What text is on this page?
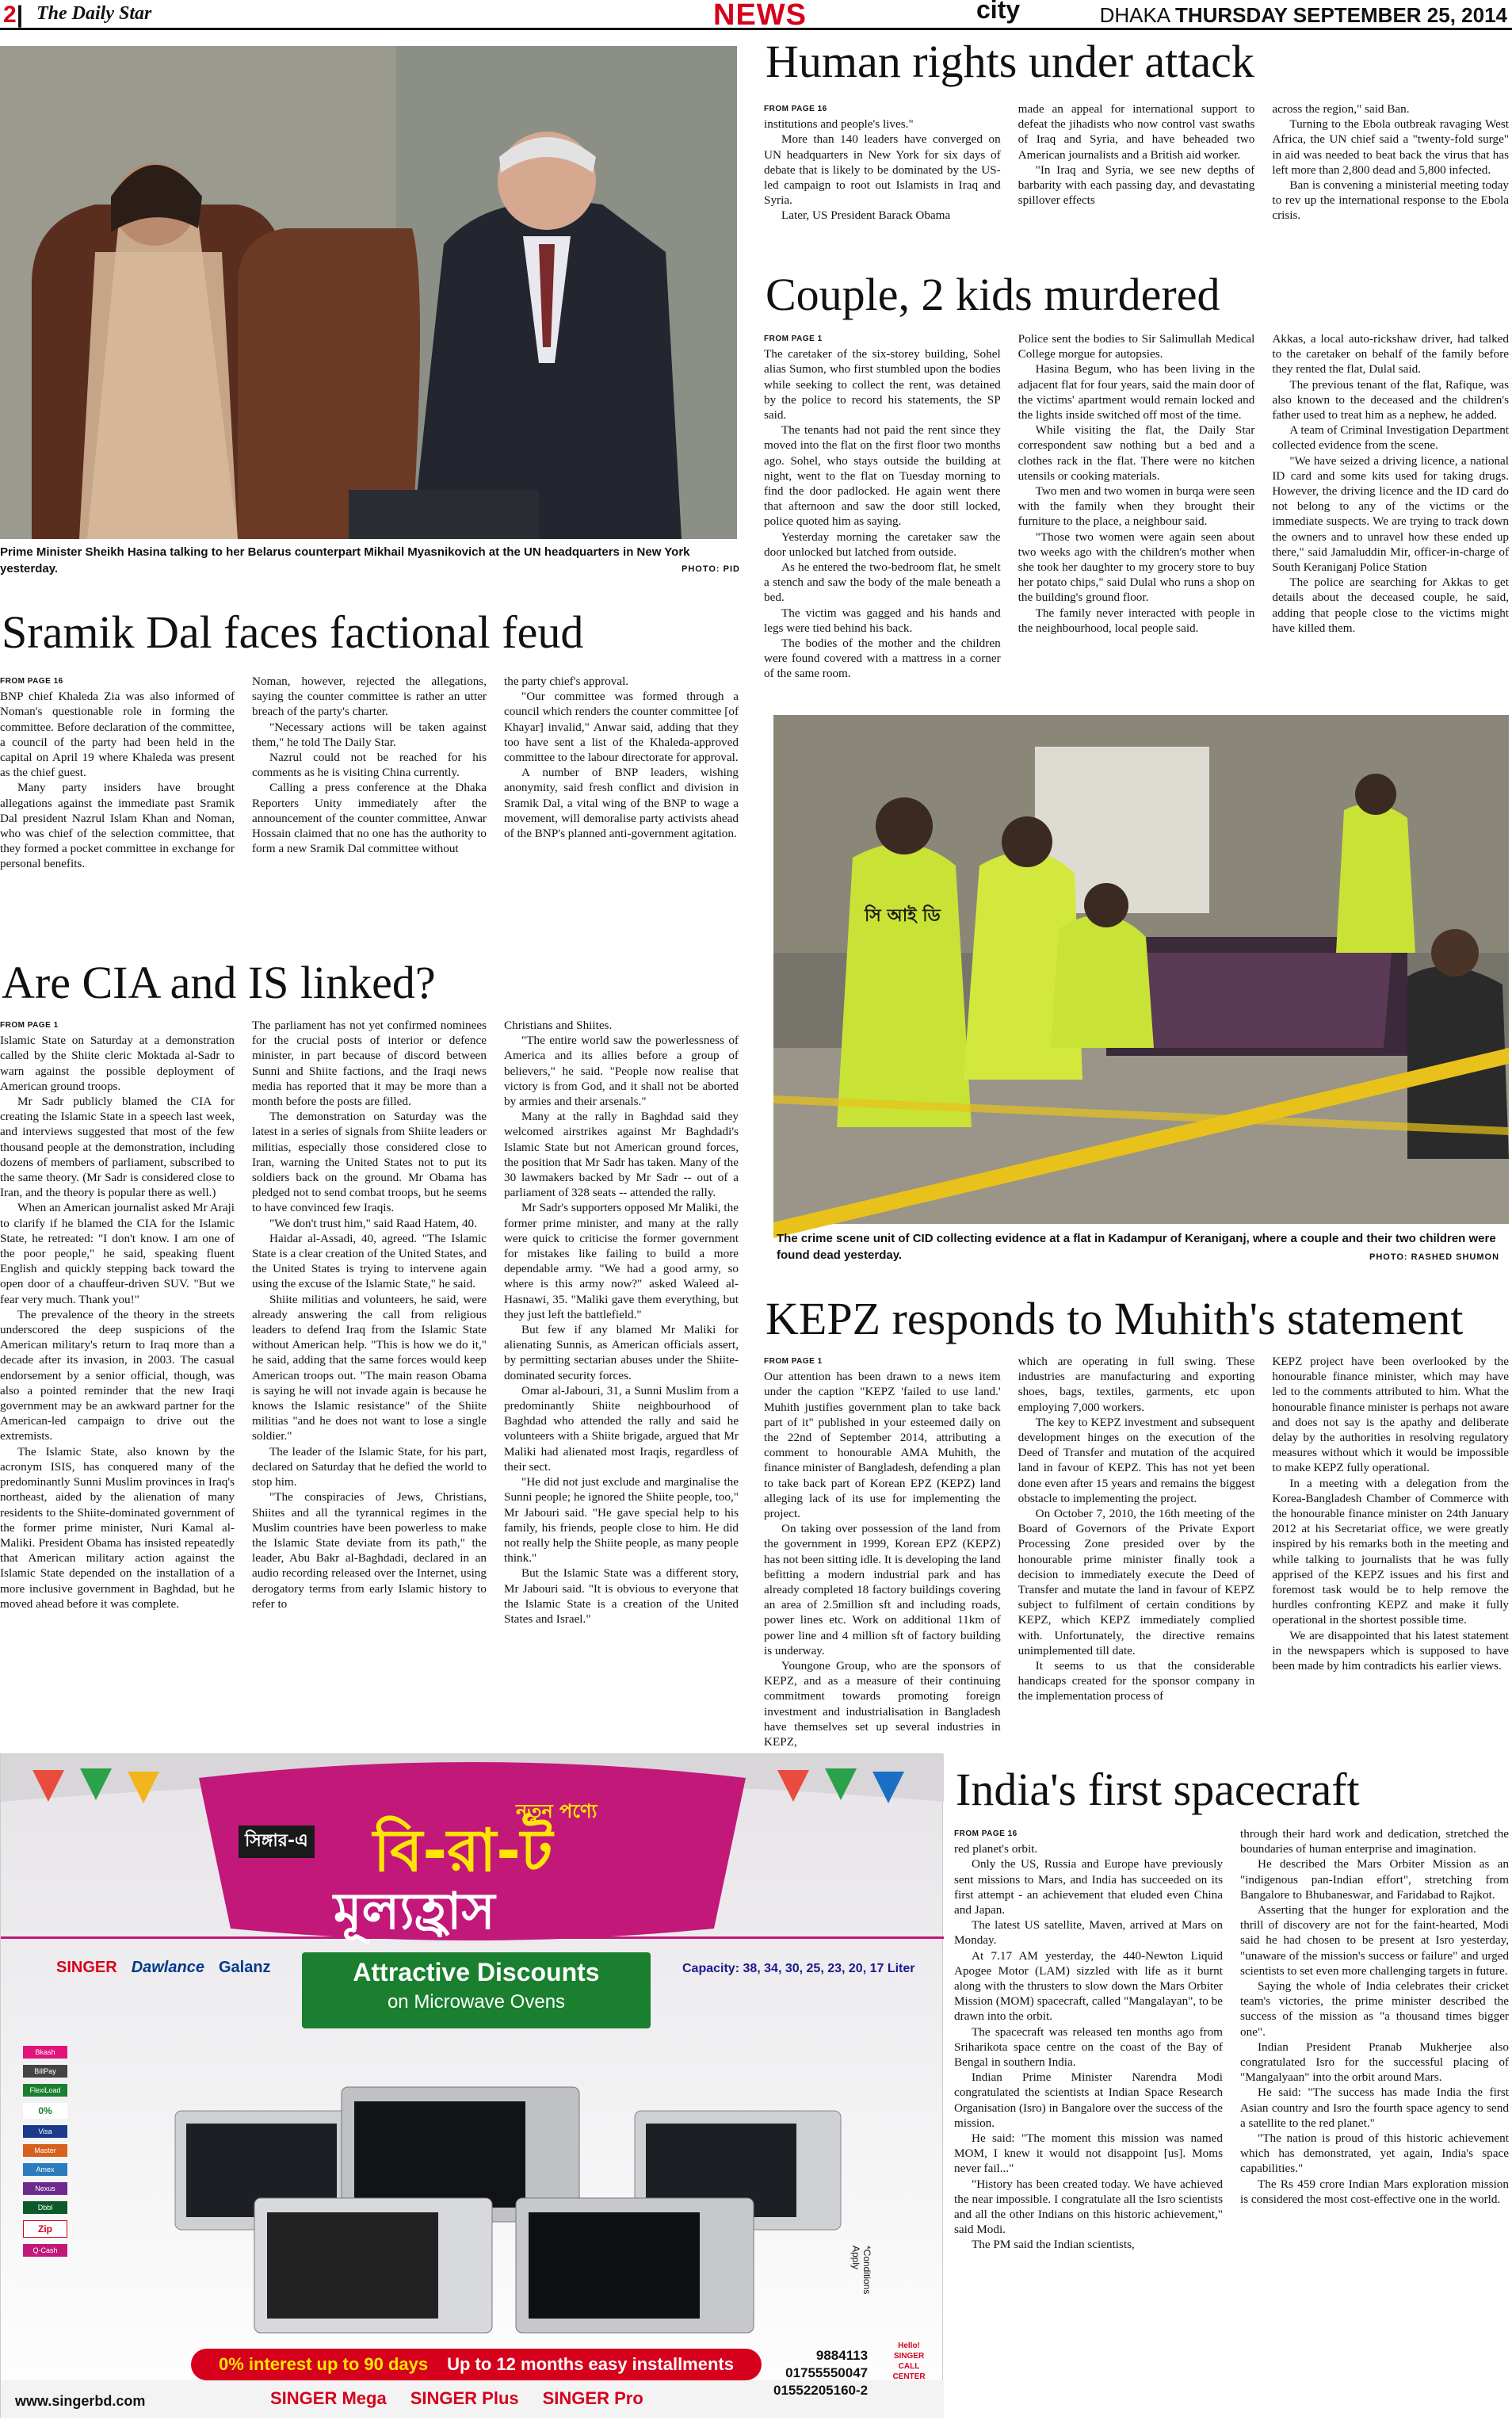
2| The Daily Star	NEWS	city	DHAKA THURSDAY SEPTEMBER 25, 2014
Prime Minister Sheikh Hasina talking to her Belarus counterpart Mikhail Myasnikovich at the UN headquarters in New York yesterday.	PHOTO: PID
Human rights under attack
FROM PAGE 16

institutions and people's lives."

More than 140 leaders have converged on UN headquarters in New York for six days of debate that is likely to be dominated by the US-led campaign to root out Islamists in Iraq and Syria.

Later, US President Barack Obama

made an appeal for international support to defeat the jihadists who now control vast swaths of Iraq and Syria, and have beheaded two American journalists and a British aid worker.

"In Iraq and Syria, we see new depths of barbarity with each passing day, and devastating spillover effects

across the region," said Ban.

Turning to the Ebola outbreak ravaging West Africa, the UN chief said a "twenty-fold surge" in aid was needed to beat back the virus that has left more than 2,800 dead and 5,800 infected.

Ban is convening a ministerial meeting today to rev up the international response to the Ebola crisis.

Couple, 2 kids murdered
FROM PAGE 1

The caretaker of the six-storey building, Sohel alias Sumon, who first stumbled upon the bodies while seeking to collect the rent, was detained by the police to record his statements, the SP said.

The tenants had not paid the rent since they moved into the flat on the first floor two months ago. Sohel, who stays outside the building at night, went to the flat on Tuesday morning to find the door padlocked. He again went there that afternoon and saw the door still locked, police quoted him as saying.

Yesterday morning the caretaker saw the door unlocked but latched from outside.

As he entered the two-bedroom flat, he smelt a stench and saw the body of the male beneath a bed.

The victim was gagged and his hands and legs were tied behind his back.

The bodies of the mother and the children were found covered with a mattress in a corner of the same room.

Police sent the bodies to Sir Salimullah Medical College morgue for autopsies.

Hasina Begum, who has been living in the adjacent flat for four years, said the main door of the victims' apartment would remain locked and the lights inside switched off most of the time.

While visiting the flat, the Daily Star correspondent saw nothing but a bed and a clothes rack in the flat. There were no kitchen utensils or cooking materials.

Two men and two women in burqa were seen with the family when they brought their furniture to the place, a neighbour said.

"Those two women were again seen about two weeks ago with the children's mother when she took her daughter to my grocery store to buy her potato chips," said Dulal who runs a shop on the building's ground floor.

The family never interacted with people in the neighbourhood, local people said.

Akkas, a local auto-rickshaw driver, had talked to the caretaker on behalf of the family before they rented the flat, Dulal said.

The previous tenant of the flat, Rafique, was also known to the deceased and the children's father used to treat him as a nephew, he added.

A team of Criminal Investigation Department collected evidence from the scene.

"We have seized a driving licence, a national ID card and some kits used for taking drugs. However, the driving licence and the ID card do not belong to any of the victims or the immediate suspects. We are trying to track down the owners and to unravel how these ended up there," said Jamaluddin Mir, officer-in-charge of South Keraniganj Police Station

The police are searching for Akkas to get details about the deceased couple, he said, adding that people close to the victims might have killed them.

সি আই ডি
The crime scene unit of CID collecting evidence at a flat in Kadampur of Keraniganj, where a couple and their two children were found dead yesterday.	PHOTO: RASHED SHUMON
Sramik Dal faces factional feud
FROM PAGE 16

BNP chief Khaleda Zia was also informed of Noman's questionable role in forming the committee. Before declaration of the committee, a council of the party had been held in the capital on April 19 where Khaleda was present as the chief guest.

Many party insiders have brought allegations against the immediate past Sramik Dal president Nazrul Islam Khan and Noman, who was chief of the selection committee, that they formed a pocket committee in exchange for personal benefits.

Noman, however, rejected the allegations, saying the counter committee is rather an utter breach of the party's charter.

"Necessary actions will be taken against them," he told The Daily Star.

Nazrul could not be reached for his comments as he is visiting China currently.

Calling a press conference at the Dhaka Reporters Unity immediately after the announcement of the counter committee, Anwar Hossain claimed that no one has the authority to form a new Sramik Dal committee without

the party chief's approval.

"Our committee was formed through a council which renders the counter committee [of Khayar] invalid," Anwar said, adding that they too have sent a list of the Khaleda-approved committee to the labour directorate for approval.

A number of BNP leaders, wishing anonymity, said fresh conflict and division in Sramik Dal, a vital wing of the BNP to wage a movement, will demoralise party activists ahead of the BNP's planned anti-government agitation.

Are CIA and IS linked?
FROM PAGE 1

Islamic State on Saturday at a demonstration called by the Shiite cleric Moktada al-Sadr to warn against the possible deployment of American ground troops.

Mr Sadr publicly blamed the CIA for creating the Islamic State in a speech last week, and interviews suggested that most of the few thousand people at the demonstration, including dozens of members of parliament, subscribed to the same theory. (Mr Sadr is considered close to Iran, and the theory is popular there as well.)

When an American journalist asked Mr Araji to clarify if he blamed the CIA for the Islamic State, he retreated: "I don't know. I am one of the poor people," he said, speaking fluent English and quickly stepping back toward the open door of a chauffeur-driven SUV. "But we fear very much. Thank you!"

The prevalence of the theory in the streets underscored the deep suspicions of the American military's return to Iraq more than a decade after its invasion, in 2003. The casual endorsement by a senior official, though, was also a pointed reminder that the new Iraqi government may be an awkward partner for the American-led campaign to drive out the extremists.

The Islamic State, also known by the acronym ISIS, has conquered many of the predominantly Sunni Muslim provinces in Iraq's northeast, aided by the alienation of many residents to the Shiite-dominated government of the former prime minister, Nuri Kamal al-Maliki. President Obama has insisted repeatedly that American military action against the Islamic State depended on the installation of a more inclusive government in Baghdad, but he moved ahead before it was complete.

The parliament has not yet confirmed nominees for the crucial posts of interior or defence minister, in part because of discord between Sunni and Shiite factions, and the Iraqi news media has reported that it may be more than a month before the posts are filled.

The demonstration on Saturday was the latest in a series of signals from Shiite leaders or militias, especially those considered close to Iran, warning the United States not to put its soldiers back on the ground. Mr Obama has pledged not to send combat troops, but he seems to have convinced few Iraqis.

"We don't trust him," said Raad Hatem, 40.

Haidar al-Assadi, 40, agreed. "The Islamic State is a clear creation of the United States, and the United States is trying to intervene again using the excuse of the Islamic State," he said.

Shiite militias and volunteers, he said, were already answering the call from religious leaders to defend Iraq from the Islamic State without American help. "This is how we do it," he said, adding that the same forces would keep American troops out. "The main reason Obama is saying he will not invade again is because he knows the Islamic resistance" of the Shiite militias "and he does not want to lose a single soldier."

The leader of the Islamic State, for his part, declared on Saturday that he defied the world to stop him.

"The conspiracies of Jews, Christians, Shiites and all the tyrannical regimes in the Muslim countries have been powerless to make the Islamic State deviate from its path," the leader, Abu Bakr al-Baghdadi, declared in an audio recording released over the Internet, using derogatory terms from early Islamic history to refer to

Christians and Shiites.

"The entire world saw the powerlessness of America and its allies before a group of believers," he said. "People now realise that victory is from God, and it shall not be aborted by armies and their arsenals."

Many at the rally in Baghdad said they welcomed airstrikes against Mr Baghdadi's Islamic State but not American ground forces, the position that Mr Sadr has taken. Many of the 30 lawmakers backed by Mr Sadr -- out of a parliament of 328 seats -- attended the rally.

Mr Sadr's supporters opposed Mr Maliki, the former prime minister, and many at the rally were quick to criticise the former government for mistakes like failing to build a more dependable army. "We had a good army, so where is this army now?" asked Waleed al-Hasnawi, 35. "Maliki gave them everything, but they just left the battlefield."

But few if any blamed Mr Maliki for alienating Sunnis, as American officials assert, by permitting sectarian abuses under the Shiite-dominated security forces.

Omar al-Jabouri, 31, a Sunni Muslim from a predominantly Shiite neighbourhood of Baghdad who attended the rally and said he volunteers with a Shiite brigade, argued that Mr Maliki had alienated most Iraqis, regardless of their sect.

"He did not just exclude and marginalise the Sunni people; he ignored the Shiite people, too," Mr Jabouri said. "He gave special help to his family, his friends, people close to him. He did not really help the Shiite people, as many people think."

But the Islamic State was a different story, Mr Jabouri said. "It is obvious to everyone that the Islamic State is a creation of the United States and Israel."

KEPZ responds to Muhith's statement
FROM PAGE 1

Our attention has been drawn to a news item under the caption "KEPZ 'failed to use land.' Muhith justifies government plan to take back part of it" published in your esteemed daily on the 22nd of September 2014, attributing a comment to honourable AMA Muhith, the finance minister of Bangladesh, defending a plan to take back part of Korean EPZ (KEPZ) land alleging lack of its use for implementing the project.

On taking over possession of the land from the government in 1999, Korean EPZ (KEPZ) has not been sitting idle. It is developing the land befitting a modern industrial park and has already completed 18 factory buildings covering an area of 2.5million sft and including roads, power lines etc. Work on additional 11km of power line and 4 million sft of factory building is underway.

Youngone Group, who are the sponsors of KEPZ, and as a measure of their continuing commitment towards promoting foreign investment and industrialisation in Bangladesh have themselves set up several industries in KEPZ,

which are operating in full swing. These industries are manufacturing and exporting shoes, bags, textiles, garments, etc upon employing 7,000 workers.

The key to KEPZ investment and subsequent development hinges on the execution of the Deed of Transfer and mutation of the acquired land in favour of KEPZ. This has not yet been done even after 15 years and remains the biggest obstacle to implementing the project.

On October 7, 2010, the 16th meeting of the Board of Governors of the Private Export Processing Zone presided over by the honourable prime minister finally took a decision to immediately execute the Deed of Transfer and mutate the land in favour of KEPZ subject to fulfilment of certain conditions by KEPZ, which KEPZ immediately complied with. Unfortunately, the directive remains unimplemented till date.

It seems to us that the considerable handicaps created for the sponsor company in the implementation process of

KEPZ project have been overlooked by the honourable finance minister, which may have led to the comments attributed to him. What the honourable finance minister is perhaps not aware and does not say is the apathy and deliberate delay by the authorities in resolving regulatory measures without which it would be impossible to make KEPZ fully operational.

In a meeting with a delegation from the Korea-Bangladesh Chamber of Commerce with the honourable finance minister on 24th January 2012 at his Secretariat office, we were greatly inspired by his remarks both in the meeting and while talking to journalists that he was fully apprised of the KEPZ issues and his first and foremost task would be to help remove the hurdles confronting KEPZ and make it fully operational in the shortest possible time.

We are disappointed that his latest statement in the newspapers which is supposed to have been made by him contradicts his earlier views.

India's first spacecraft
FROM PAGE 16

red planet's orbit.

Only the US, Russia and Europe have previously sent missions to Mars, and India has succeeded on its first attempt - an achievement that eluded even China and Japan.

The latest US satellite, Maven, arrived at Mars on Monday.

At 7.17 AM yesterday, the 440-Newton Liquid Apogee Motor (LAM) sizzled with life as it burnt along with the thrusters to slow down the Mars Orbiter Mission (MOM) spacecraft, called "Mangalayan", to be drawn into the orbit.

The spacecraft was released ten months ago from Sriharikota space centre on the coast of the Bay of Bengal in southern India.

Indian Prime Minister Narendra Modi congratulated the scientists at Indian Space Research Organisation (Isro) in Bangalore over the success of the mission.

He said: "The moment this mission was named MOM, I knew it would not disappoint [us]. Moms never fail..."

"History has been created today. We have achieved the near impossible. I congratulate all the Isro scientists and all the other Indians on this historic achievement," said Modi.

The PM said the Indian scientists,

through their hard work and dedication, stretched the boundaries of human enterprise and imagination.

He described the Mars Orbiter Mission as an "indigenous pan-Indian effort", stretching from Bangalore to Bhubaneswar, and Faridabad to Rajkot.

Asserting that the hunger for exploration and the thrill of discovery are not for the faint-hearted, Modi said he had chosen to be present at Isro yesterday, "unaware of the mission's success or failure" and urged scientists to set even more challenging targets in future.

Saying the whole of India celebrates their cricket team's victories, the prime minister described the success of the mission as "a thousand times bigger one".

Indian President Pranab Mukherjee also congratulated Isro for the successful placing of "Mangalyaan" into the orbit around Mars.

He said: "The success has made India the first Asian country and Isro the fourth space agency to send a satellite to the red planet."

"The nation is proud of this historic achievement which has demonstrated, yet again, India's space capabilities."

The Rs 459 crore Indian Mars exploration mission is considered the most cost-effective one in the world.

সিঙ্গার-এ
নতুন পণ্যে
বি-রা-ট
মূল্যহ্রাস
SINGER Dawlance Galanz	Attractive Discounts
on Microwave Ovens
Capacity: 38, 34, 30, 25, 23, 20, 17 Liter
Bkash
BillPay
FlexiLoad
0%
Visa
Master
Amex
Nexus
Dbbl
Zip
Q-Cash	*Conditions Apply
0% interest up to 90 days Up to 12 months easy installments
www.singerbd.com	SINGER Mega SINGER Plus SINGER Pro
9884113
01755550047
01552205160-2
Hello! SINGER CALL CENTER
